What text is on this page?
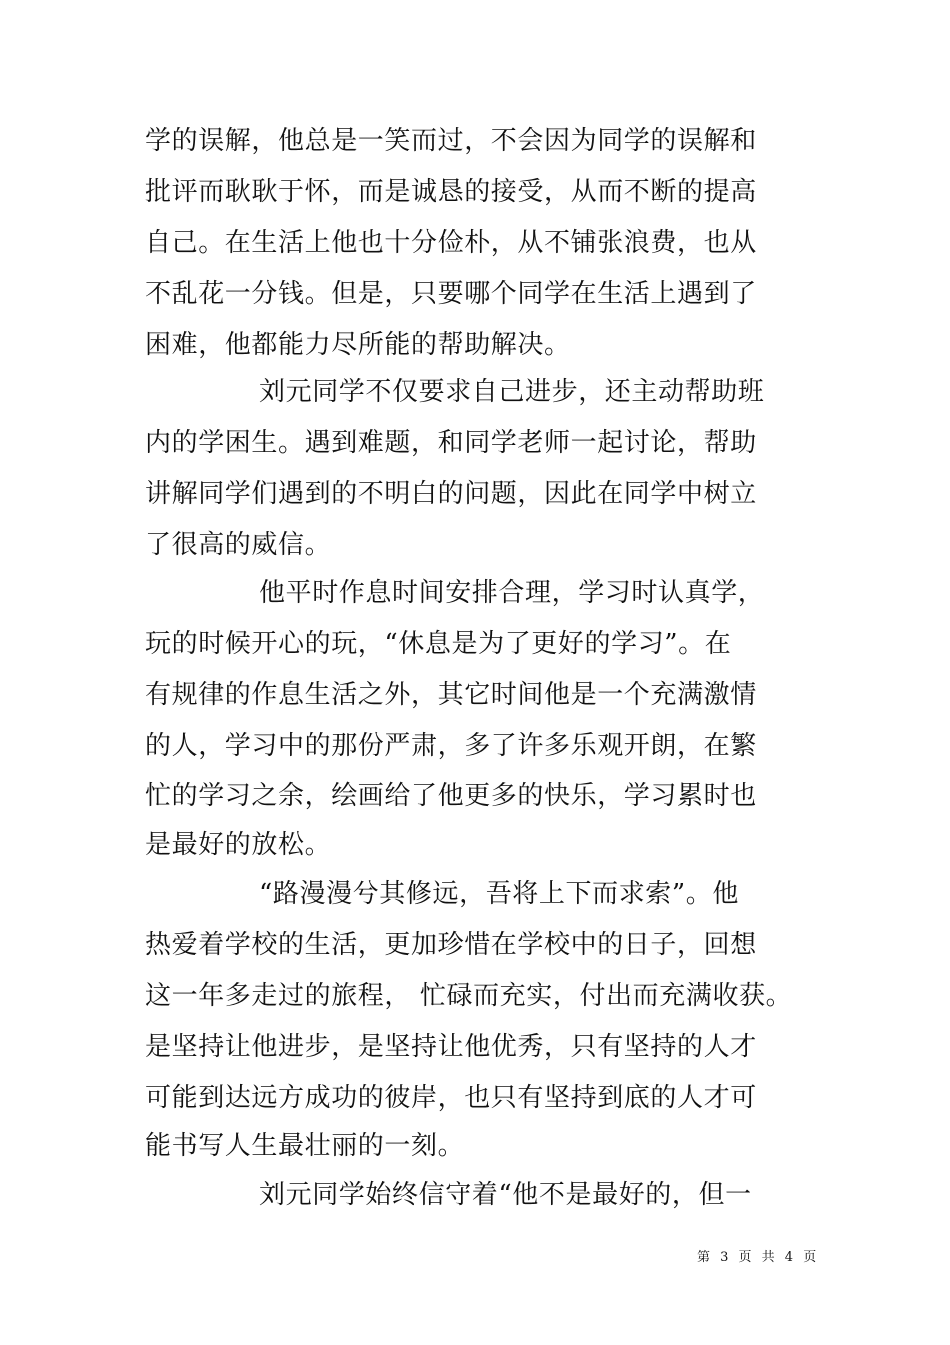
学的误解，他总是一笑而过，不会因为同学的误解和
批评而耿耿于怀，而是诚恳的接受，从而不断的提高
自己。在生活上他也十分俭朴，从不铺张浪费，也从
不乱花一分钱。但是，只要哪个同学在生活上遇到了
困难，他都能力尽所能的帮助解决。
刘元同学不仅要求自己进步，还主动帮助班
内的学困生。遇到难题，和同学老师一起讨论，帮助
讲解同学们遇到的不明白的问题，因此在同学中树立
了很高的威信。
他平时作息时间安排合理，学习时认真学，
玩的时候开心的玩，“休息是为了更好的学习”。在
有规律的作息生活之外，其它时间他是一个充满激情
的人，学习中的那份严肃，多了许多乐观开朗，在繁
忙的学习之余，绘画给了他更多的快乐，学习累时也
是最好的放松。
“路漫漫兮其修远，吾将上下而求索”。他
热爱着学校的生活，更加珍惜在学校中的日子，回想
这一年多走过的旅程， 忙碌而充实，付出而充满收获。
是坚持让他进步，是坚持让他优秀，只有坚持的人才
可能到达远方成功的彼岸，也只有坚持到底的人才可
能书写人生最壮丽的一刻。
刘元同学始终信守着“他不是最好的，但一
第 3 页 共 4 页
